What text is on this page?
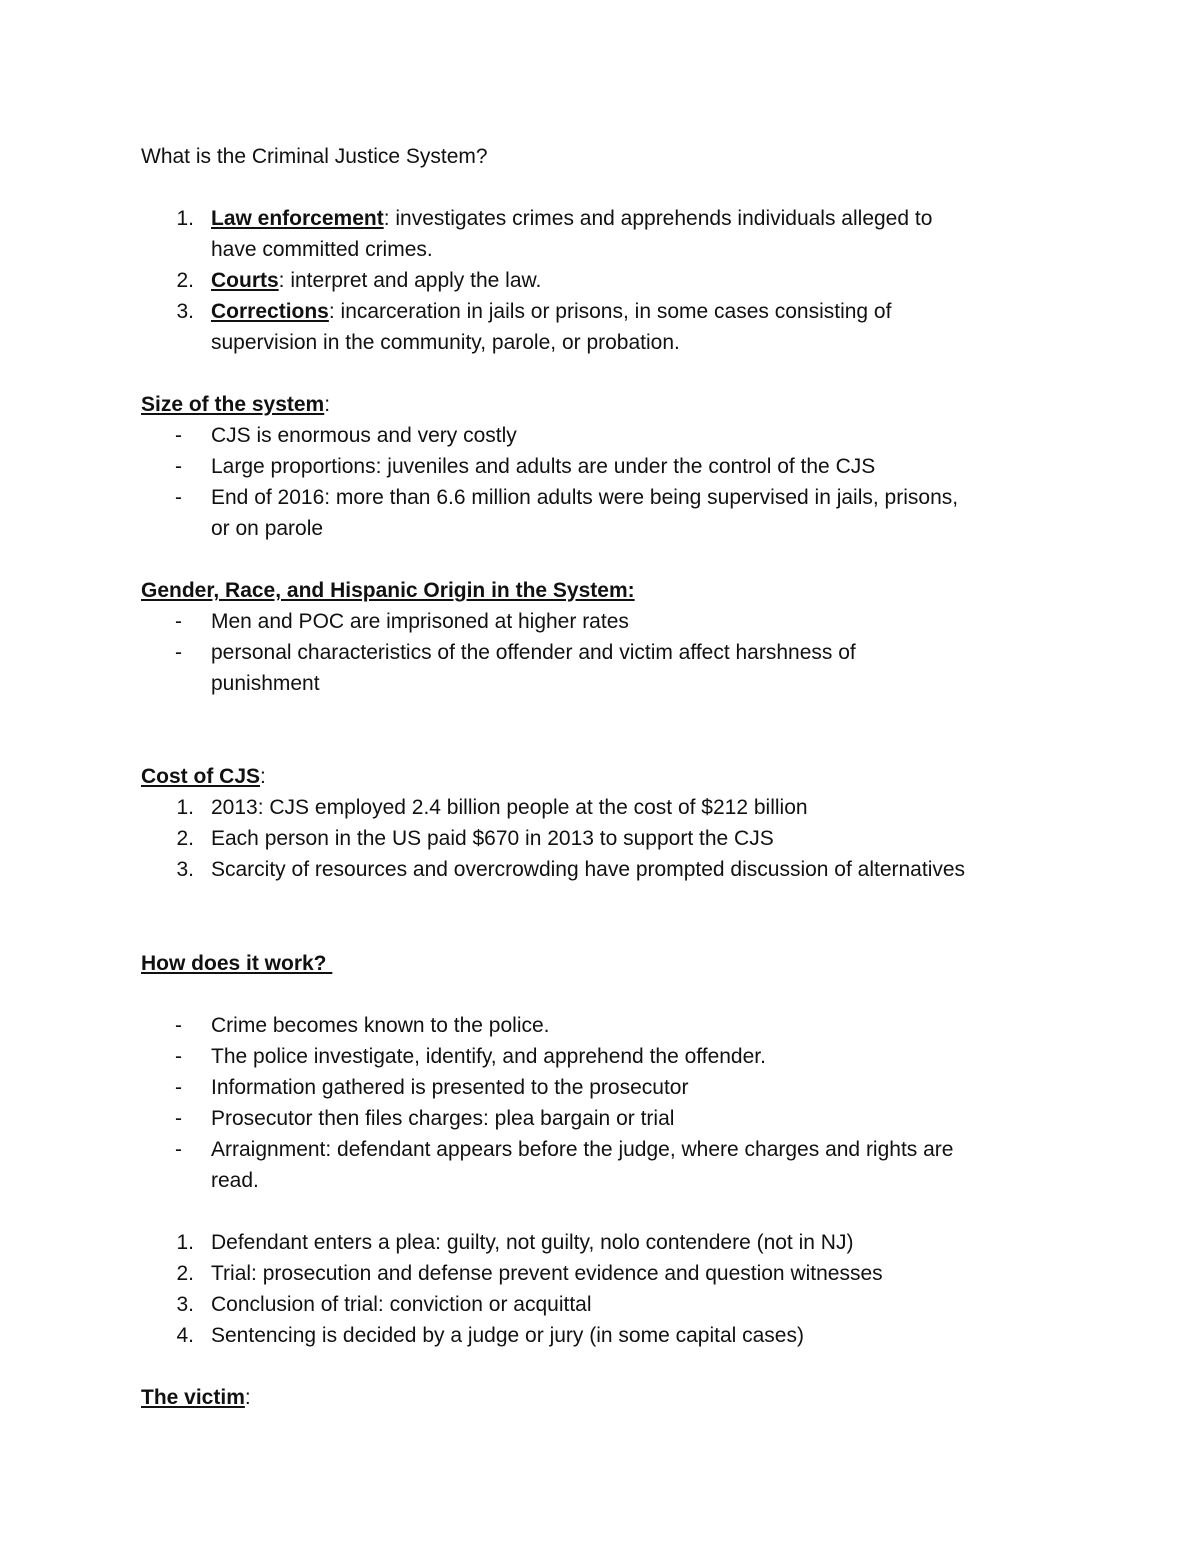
What is the Criminal Justice System?
1. Law enforcement: investigates crimes and apprehends individuals alleged to
have committed crimes.
2. Courts: interpret and apply the law.
3. Corrections: incarceration in jails or prisons, in some cases consisting of
supervision in the community, parole, or probation.
Size of the system:
- CJS is enormous and very costly
- Large proportions: juveniles and adults are under the control of the CJS
- End of 2016: more than 6.6 million adults were being supervised in jails, prisons,
or on parole
Gender, Race, and Hispanic Origin in the System:
- Men and POC are imprisoned at higher rates
- personal characteristics of the offender and victim affect harshness of
punishment
Cost of CJS:
1. 2013: CJS employed 2.4 billion people at the cost of $212 billion
2. Each person in the US paid $670 in 2013 to support the CJS
3. Scarcity of resources and overcrowding have prompted discussion of alternatives
How does it work?
- Crime becomes known to the police.
- The police investigate, identify, and apprehend the offender.
- Information gathered is presented to the prosecutor
- Prosecutor then files charges: plea bargain or trial
- Arraignment: defendant appears before the judge, where charges and rights are
read.
1. Defendant enters a plea: guilty, not guilty, nolo contendere (not in NJ)
2. Trial: prosecution and defense prevent evidence and question witnesses
3. Conclusion of trial: conviction or acquittal
4. Sentencing is decided by a judge or jury (in some capital cases)
The victim:
